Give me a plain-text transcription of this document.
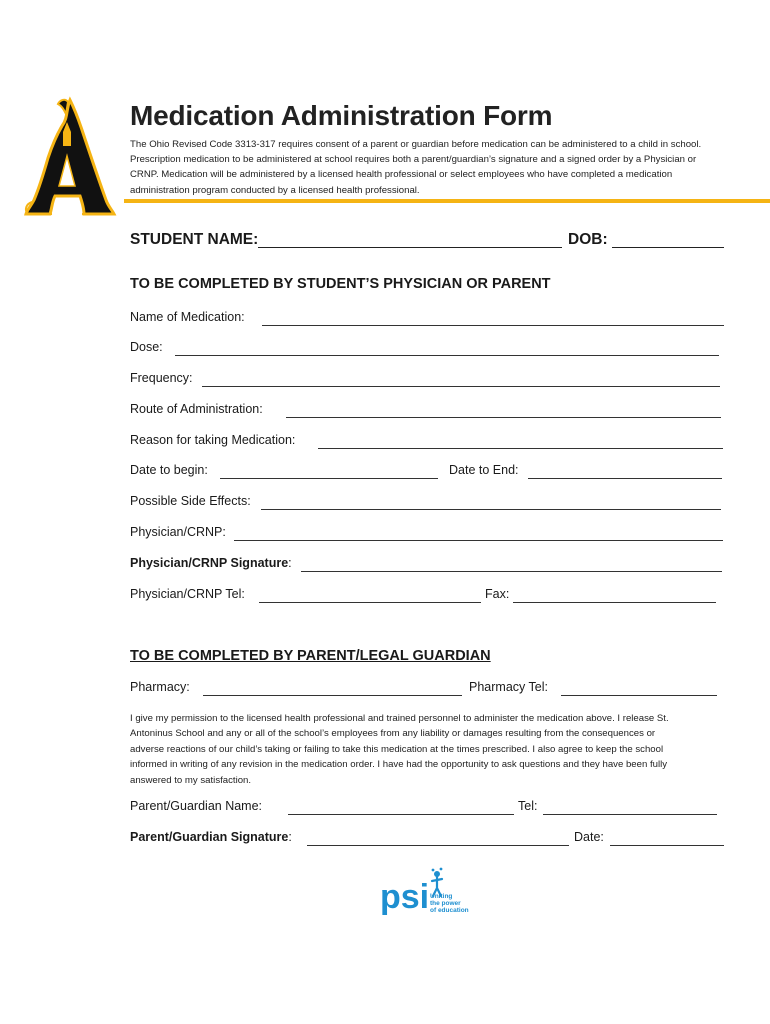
Medication Administration Form

The Ohio Revised Code 3313-317 requires consent of a parent or guardian before medication can be administered to a child in school.
Prescription medication to be administered at school requires both a parent/guardian’s signature and a signed order by a Physician or
CRNP. Medication will be administered by a licensed health professional or select employees who have completed a medication
administration program conducted by a licensed health professional.

STUDENT NAME:	DOB:
TO BE COMPLETED BY STUDENT’S PHYSICIAN OR PARENT
Name of Medication:
Dose:
Frequency:
Route of Administration:
Reason for taking Medication:
Date to begin:	Date to End:
Possible Side Effects:
Physician/CRNP:
Physician/CRNP Signature:
Physician/CRNP Tel:	Fax:
TO BE COMPLETED BY PARENT/LEGAL GUARDIAN
Pharmacy:	Pharmacy Tel:

I give my permission to the licensed health professional and trained personnel to administer the medication above. I release St.
Antoninus School and any or all of the school’s employees from any liability or damages resulting from the consequences or
adverse reactions of our child’s taking or failing to take this medication at the times prescribed. I also agree to keep the school
informed in writing of any revision in the medication order. I have had the opportunity to ask questions and they have been fully
answered to my satisfaction.

Parent/Guardian Name:	Tel:
Parent/Guardian Signature:	Date:
psi Uniting
the power
of education
